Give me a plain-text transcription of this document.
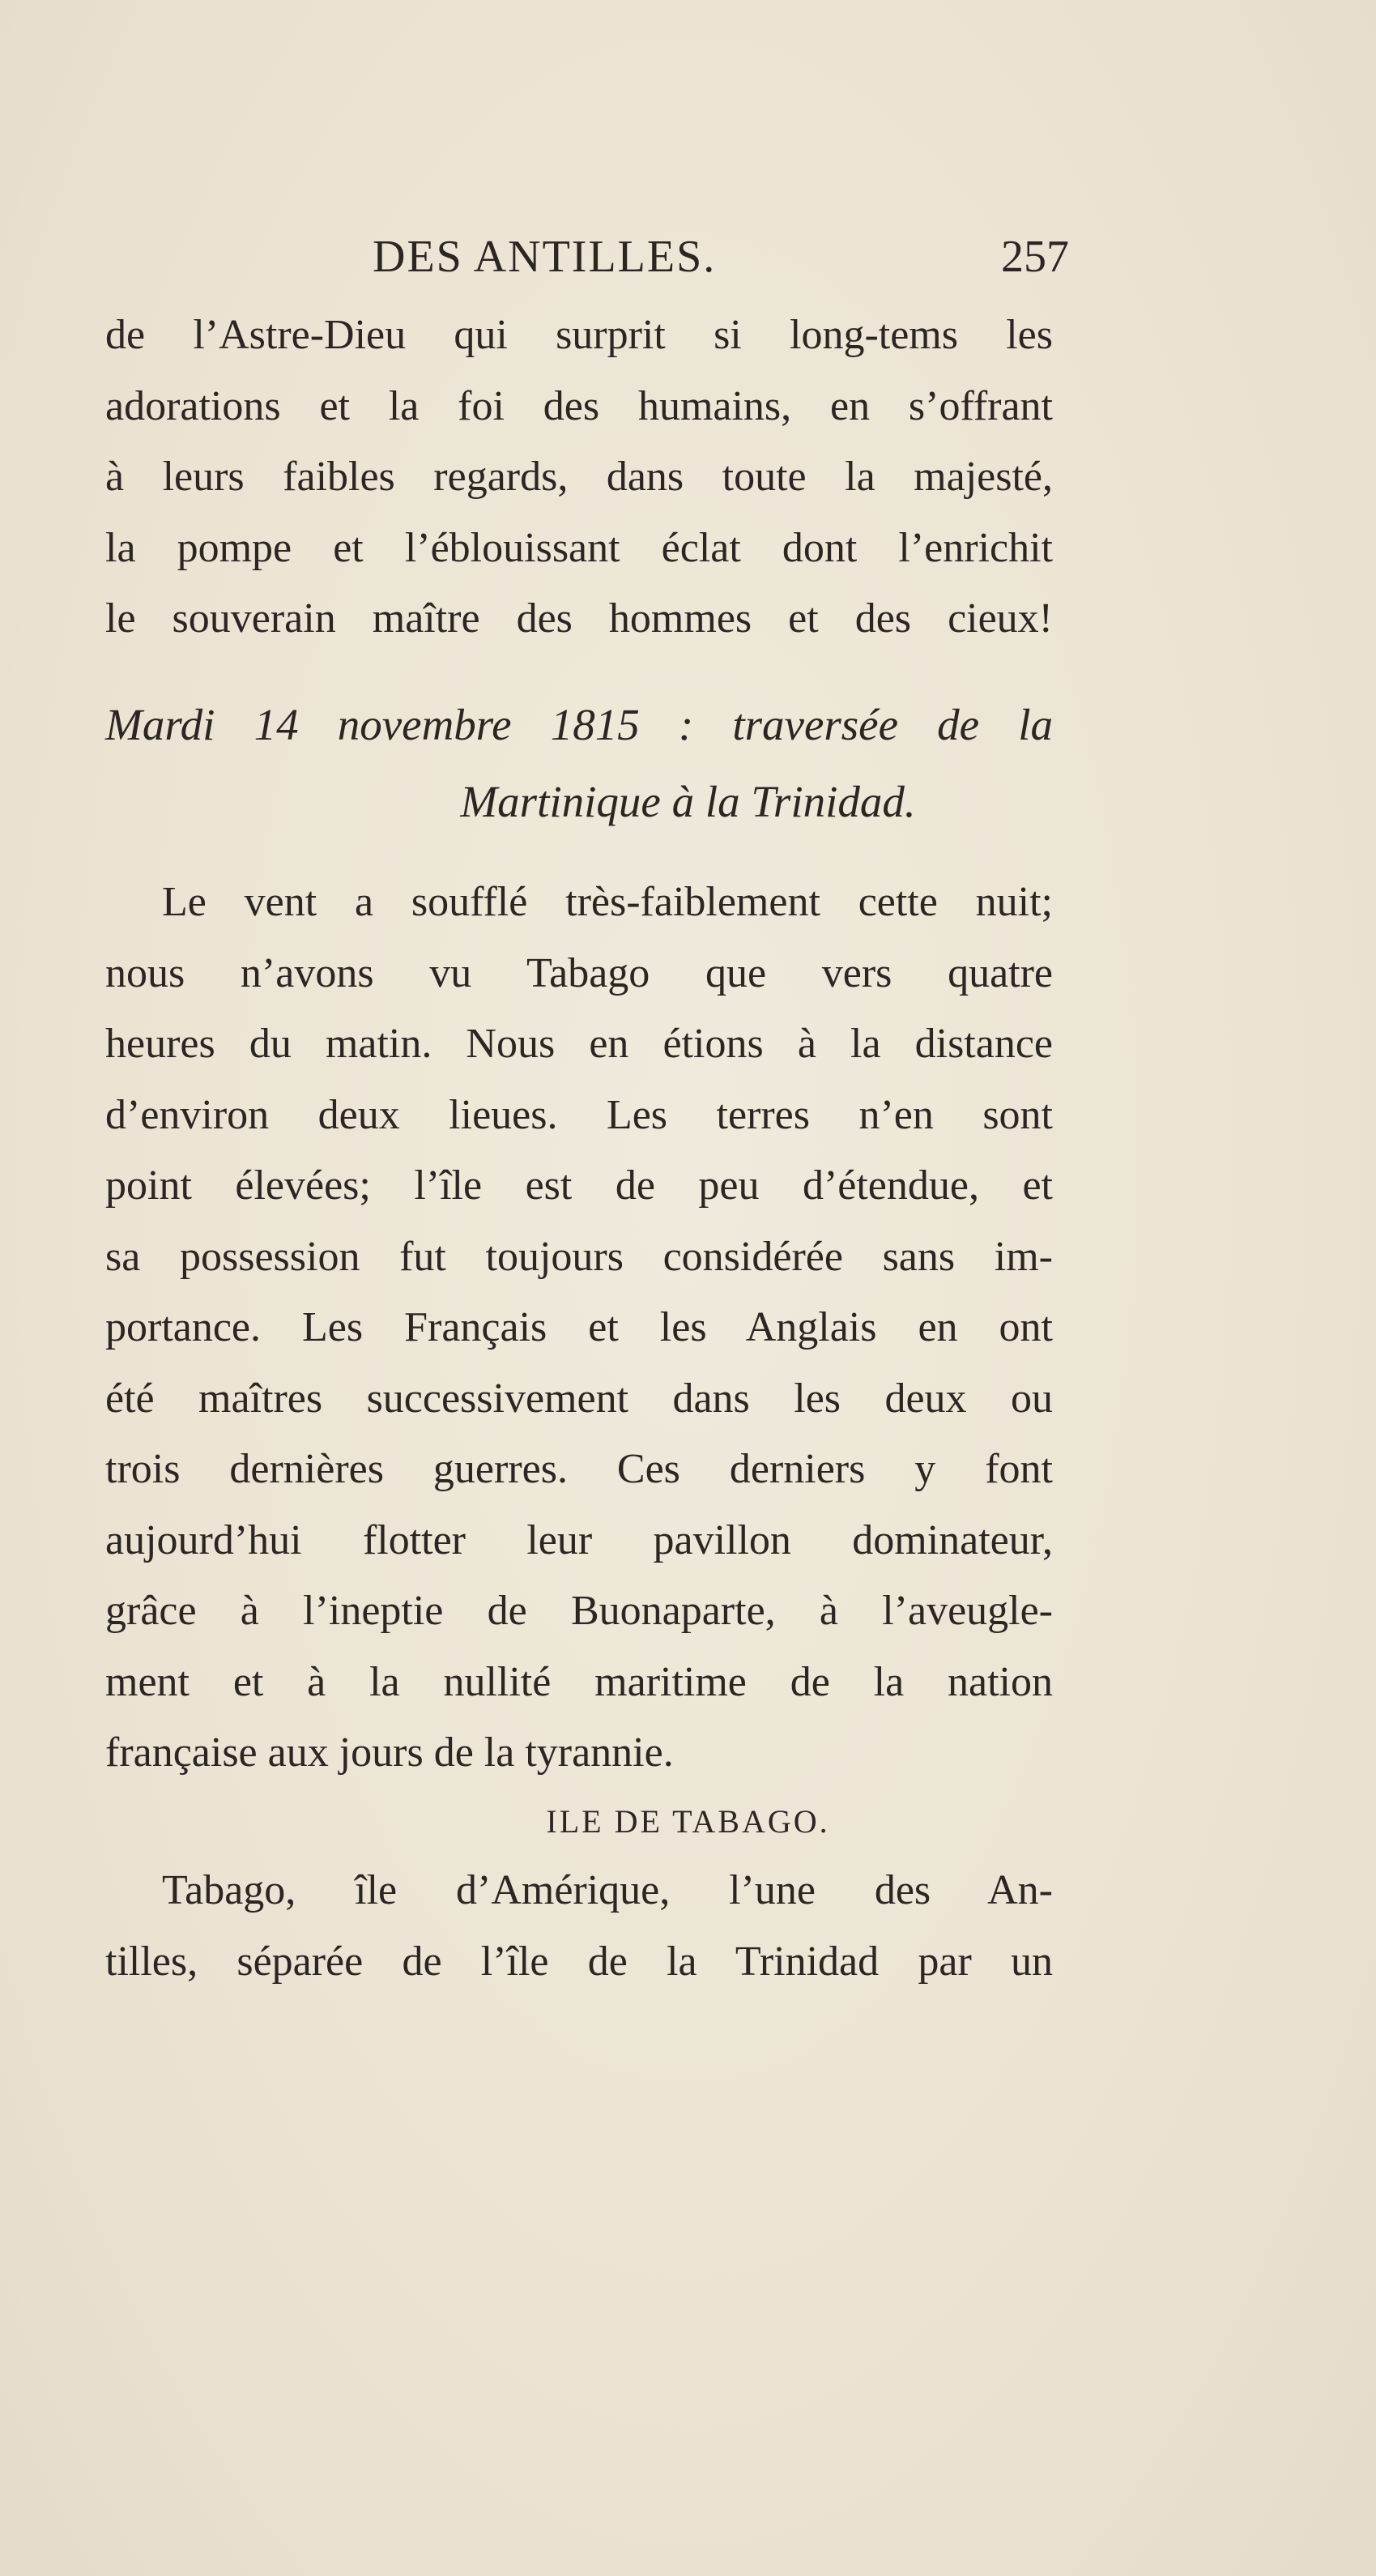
DES ANTILLES.	257
de l’Astre-Dieu qui surprit si long-tems les
adorations et la foi des humains, en s’offrant
à leurs faibles regards, dans toute la majesté,
la pompe et l’éblouissant éclat dont l’enrichit
le souverain maître des hommes et des cieux!
Mardi 14 novembre 1815 : traversée de la
Martinique à la Trinidad.
Le vent a soufflé très-faiblement cette nuit;
nous n’avons vu Tabago que vers quatre
heures du matin. Nous en étions à la distance
d’environ deux lieues. Les terres n’en sont
point élevées; l’île est de peu d’étendue, et
sa possession fut toujours considérée sans im-
portance. Les Français et les Anglais en ont
été maîtres successivement dans les deux ou
trois dernières guerres. Ces derniers y font
aujourd’hui flotter leur pavillon dominateur,
grâce à l’ineptie de Buonaparte, à l’aveugle-
ment et à la nullité maritime de la nation
française aux jours de la tyrannie.
ILE DE TABAGO.
Tabago, île d’Amérique, l’une des An-
tilles, séparée de l’île de la Trinidad par un
